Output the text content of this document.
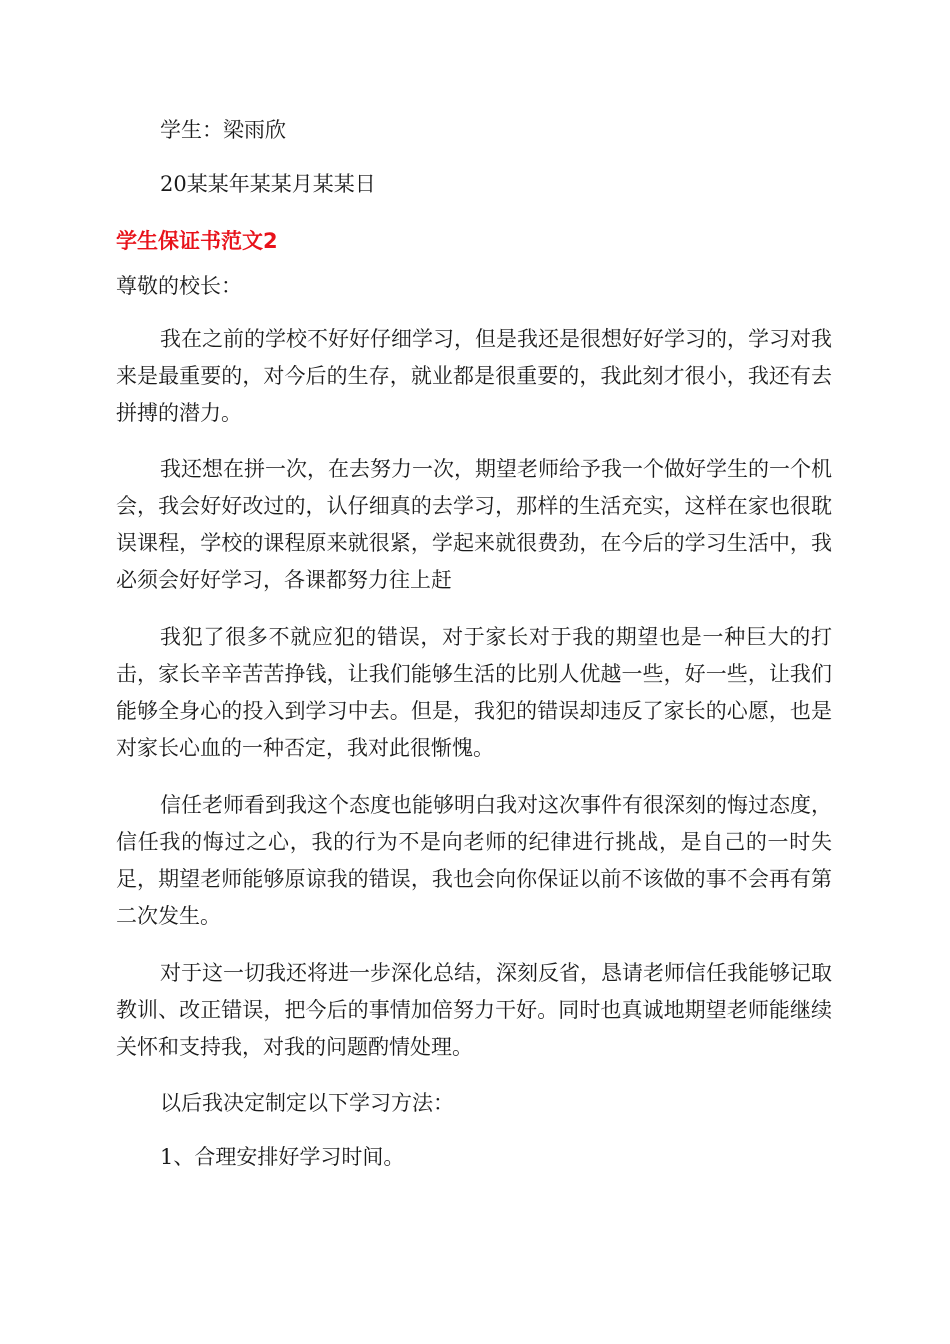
学生：梁雨欣
20某某年某某月某某日
学生保证书范文2
尊敬的校长：
我在之前的学校不好好仔细学习，但是我还是很想好好学习的，学习对我来是最重要的，对今后的生存，就业都是很重要的，我此刻才很小，我还有去拼搏的潜力。
我还想在拼一次，在去努力一次，期望老师给予我一个做好学生的一个机会，我会好好改过的，认仔细真的去学习，那样的生活充实，这样在家也很耽误课程，学校的课程原来就很紧，学起来就很费劲，在今后的学习生活中，我必须会好好学习，各课都努力往上赶
我犯了很多不就应犯的错误，对于家长对于我的期望也是一种巨大的打击，家长辛辛苦苦挣钱，让我们能够生活的比别人优越一些，好一些，让我们能够全身心的投入到学习中去。但是，我犯的错误却违反了家长的心愿，也是对家长心血的一种否定，我对此很惭愧。
信任老师看到我这个态度也能够明白我对这次事件有很深刻的悔过态度，信任我的悔过之心，我的行为不是向老师的纪律进行挑战，是自己的一时失足，期望老师能够原谅我的错误，我也会向你保证以前不该做的事不会再有第二次发生。
对于这一切我还将进一步深化总结，深刻反省，恳请老师信任我能够记取教训、改正错误，把今后的事情加倍努力干好。同时也真诚地期望老师能继续关怀和支持我，对我的问题酌情处理。
以后我决定制定以下学习方法：
1、合理安排好学习时间。
